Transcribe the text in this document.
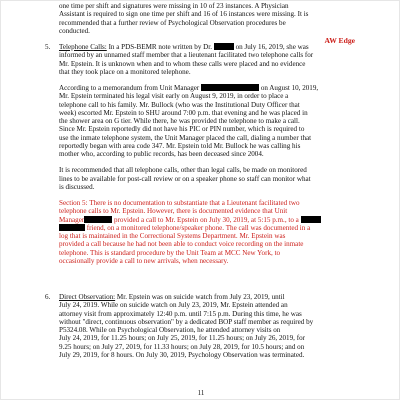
one time per shift and signatures were missing in 10 of 23 instances. A Physician

Assistant is required to sign one time per shift and 16 of 16 instances were missing. It is

recommended that a further review of Psychological Observation procedures be

conducted.

AW Edge
5. Telephone Calls: In a PDS-BEMR note written by Dr.	on July 16, 2019, she was

informed by an unnamed staff member that a lieutenant facilitated two telephone calls for

Mr. Epstein. It is unknown when and to whom these calls were placed and no evidence

that they took place on a monitored telephone.

According to a memorandum from Unit Manager	on August 10, 2019,

Mr. Epstein terminated his legal visit early on August 9, 2019, in order to place a

telephone call to his family. Mr. Bullock (who was the Institutional Duty Officer that

week) escorted Mr. Epstein to SHU around 7:00 p.m. that evening and he was placed in

the shower area on G tier. While there, he was provided the telephone to make a call.

Since Mr. Epstein reportedly did not have his PIC or PIN number, which is required to

use the inmate telephone system, the Unit Manager placed the call, dialing a number that

reportedly began with area code 347. Mr. Epstein told Mr. Bullock he was calling his

mother who, according to public records, has been deceased since 2004.

It is recommended that all telephone calls, other than legal calls, be made on monitored

lines to be available for post-call review or on a speaker phone so staff can monitor what

is discussed.

Section 5: There is no documentation to substantiate that a Lieutenant facilitated two

telephone calls to Mr. Epstein. However, there is documented evidence that Unit

Manager	provided a call to Mr. Epstein on July 30, 2019, at 5:15 p.m., to a

friend, on a monitored telephone/speaker phone. The call was documented in a

log that is maintained in the Correctional Systems Department. Mr. Epstein was

provided a call because he had not been able to conduct voice recording on the inmate

telephone. This is standard procedure by the Unit Team at MCC New York, to

occasionally provide a call to new arrivals, when necessary.

6. Direct Observation: Mr. Epstein was on suicide watch from July 23, 2019, until

July 24, 2019. While on suicide watch on July 23, 2019, Mr. Epstein attended an

attorney visit from approximately 12:40 p.m. until 7:15 p.m. During this time, he was

without "direct, continuous observation" by a dedicated BOP staff member as required by

P5324.08. While on Psychological Observation, he attended attorney visits on

July 24, 2019, for 11.25 hours; on July 25, 2019, for 11.25 hours; on July 26, 2019, for

9.25 hours; on July 27, 2019, for 11.33 hours; on July 28, 2019, for 10.5 hours; and on

July 29, 2019, for 8 hours. On July 30, 2019, Psychology Observation was terminated.

11
